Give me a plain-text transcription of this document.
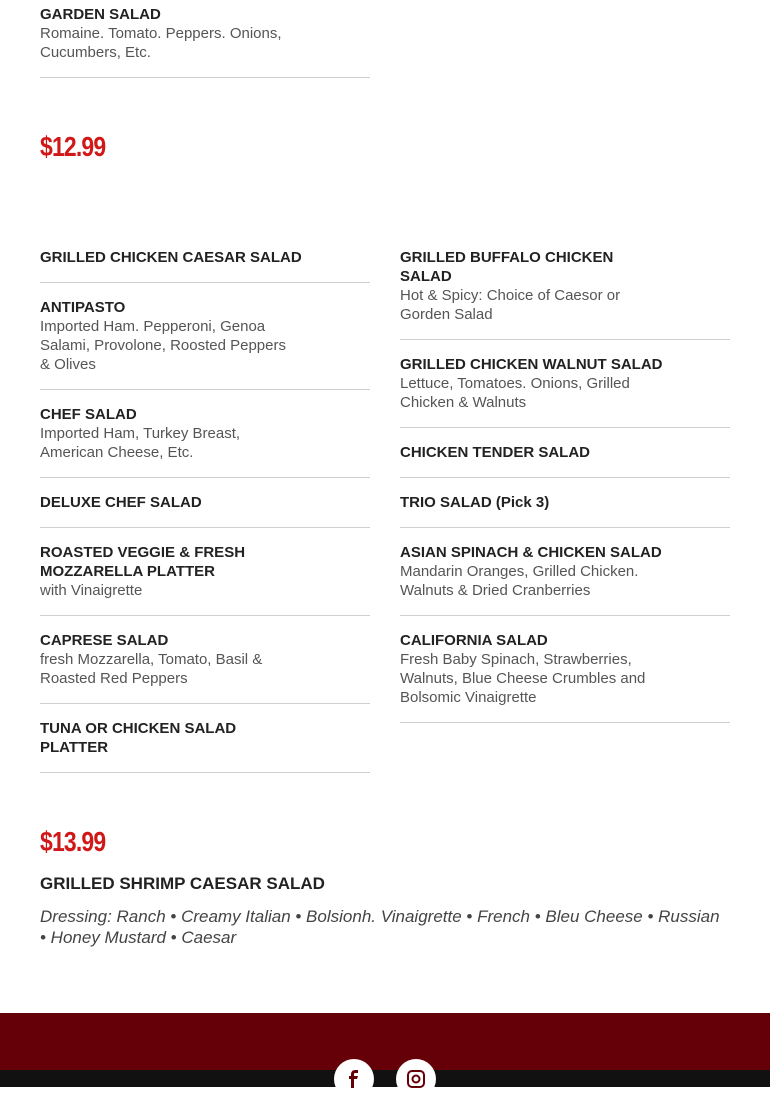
GARDEN SALAD
Romaine. Tomato. Peppers. Onions,
Cucumbers, Etc.
$12.99
GRILLED CHICKEN CAESAR SALAD
ANTIPASTO
Imported Ham. Pepperoni, Genoa
Salami, Provolone, Roosted Peppers
& Olives
CHEF SALAD
Imported Ham, Turkey Breast,
American Cheese, Etc.
DELUXE CHEF SALAD
ROASTED VEGGIE & FRESH
MOZZARELLA PLATTER
with Vinaigrette
CAPRESE SALAD
fresh Mozzarella, Tomato, Basil &
Roasted Red Peppers
TUNA OR CHICKEN SALAD
PLATTER
GRILLED BUFFALO CHICKEN
SALAD
Hot & Spicy: Choice of Caesor or
Gorden Salad
GRILLED CHICKEN WALNUT SALAD
Lettuce, Tomatoes. Onions, Grilled
Chicken & Walnuts
CHICKEN TENDER SALAD
TRIO SALAD (Pick 3)
ASIAN SPINACH & CHICKEN SALAD
Mandarin Oranges, Grilled Chicken.
Walnuts & Dried Cranberries
CALIFORNIA SALAD
Fresh Baby Spinach, Strawberries,
Walnuts, Blue Cheese Crumbles and
Bolsomic Vinaigrette
$13.99
GRILLED SHRIMP CAESAR SALAD
Dressing: Ranch • Creamy Italian • Bolsionh. Vinaigrette • French • Bleu Cheese • Russian • Honey Mustard • Caesar
